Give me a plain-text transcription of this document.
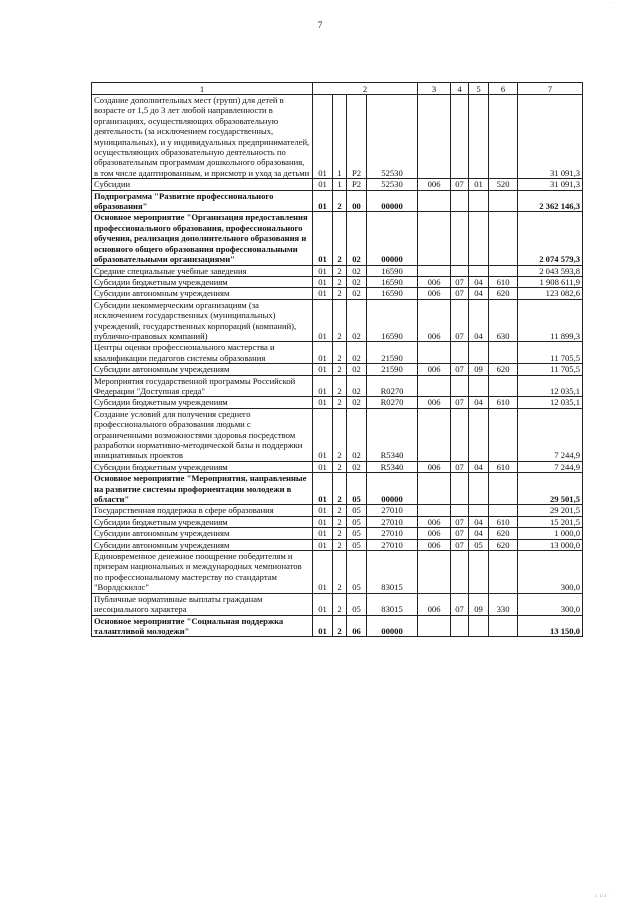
· ·
7
1	2				3	4	5	6	7
Создание дополнительных мест (групп) для детей в возрасте от 1,5 до 3 лет любой направленности в организациях, осуществляющих образовательную деятельность (за исключением государственных, муниципальных), и у индивидуальных предпринимателей, осуществляющих образовательную деятельность по образовательным программам дошкольного образования, в том числе адаптированным, и присмотр и уход за детьми	01	1	P2	52530					31 091,3
Субсидии	01	1	P2	52530	006	07	01	520	31 091,3
Подпрограмма "Развитие профессионального образования"	01	2	00	00000					2 362 146,3
Основное мероприятие "Организация предоставления профессионального образования, профессионального обучения, реализация дополнительного образования и основного общего образования профессиональными образовательными организациями"	01	2	02	00000					2 074 579,3
Средние специальные учебные заведения	01	2	02	16590					2 043 593,8
Субсидии бюджетным учреждениям	01	2	02	16590	006	07	04	610	1 908 611,9
Субсидии автономным учреждениям	01	2	02	16590	006	07	04	620	123 082,6
Субсидии некоммерческим организациям (за исключением государственных (муниципальных) учреждений, государственных корпораций (компаний), публично-правовых компаний)	01	2	02	16590	006	07	04	630	11 899,3
Центры оценки профессионального мастерства и квалификации педагогов системы образования	01	2	02	21590					11 705,5
Субсидии автономным учреждениям	01	2	02	21590	006	07	09	620	11 705,5
Мероприятия государственной программы Российской Федерации "Доступная среда"	01	2	02	R0270					12 035,1
Субсидии бюджетным учреждениям	01	2	02	R0270	006	07	04	610	12 035,1
Создание условий для получения среднего профессионального образования людьми с ограниченными возможностями здоровья посредством разработки нормативно-методической базы и поддержки инициативных проектов	01	2	02	R5340					7 244,9
Субсидии бюджетным учреждениям	01	2	02	R5340	006	07	04	610	7 244,9
Основное мероприятие "Мероприятия, направленные на развитие системы профориентации молодежи в области"	01	2	05	00000					29 501,5
Государственная поддержка в сфере образования	01	2	05	27010					29 201,5
Субсидии бюджетным учреждениям	01	2	05	27010	006	07	04	610	15 201,5
Субсидии автономным учреждениям	01	2	05	27010	006	07	04	620	1 000,0
Субсидии автономным учреждениям	01	2	05	27010	006	07	05	620	13 000,0
Единовременное денежное поощрение победителям и призерам национальных и международных чемпионатов по профессиональному мастерству по стандартам "Ворлдскиллс"	01	2	05	83015					300,0
Публичные нормативные выплаты гражданам несоциального характера	01	2	05	83015	006	07	09	330	300,0
Основное мероприятие "Социальная поддержка талантливой молодежи"	01	2	06	00000					13 150,0
ı ııı ·
